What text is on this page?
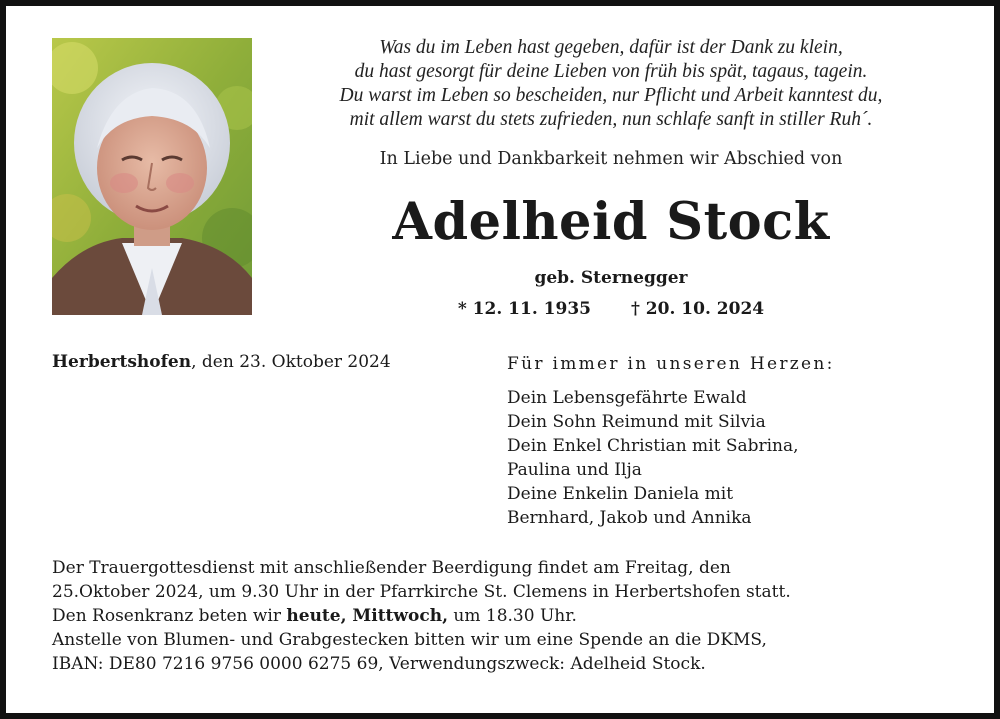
Was du im Leben hast gegeben, dafür ist der Dank zu klein,
du hast gesorgt für deine Lieben von früh bis spät, tagaus, tagein.
Du warst im Leben so bescheiden, nur Pflicht und Arbeit kanntest du,
mit allem warst du stets zufrieden, nun schlafe sanft in stiller Ruh´.
In Liebe und Dankbarkeit nehmen wir Abschied von
Adelheid Stock
geb. Sternegger
* 12. 11. 1935 † 20. 10. 2024
Herbertshofen, den 23. Oktober 2024	Für immer in unseren Herzen:
Dein Lebensgefährte Ewald
Dein Sohn Reimund mit Silvia
Dein Enkel Christian mit Sabrina,
Paulina und Ilja
Deine Enkelin Daniela mit
Bernhard, Jakob und Annika
Der Trauergottesdienst mit anschließender Beerdigung findet am Freitag, den
25.Oktober 2024, um 9.30 Uhr in der Pfarrkirche St. Clemens in Herbertshofen statt.
Den Rosenkranz beten wir heute, Mittwoch, um 18.30 Uhr.
Anstelle von Blumen- und Grabgestecken bitten wir um eine Spende an die DKMS,
IBAN: DE80 7216 9756 0000 6275 69, Verwendungszweck: Adelheid Stock.
